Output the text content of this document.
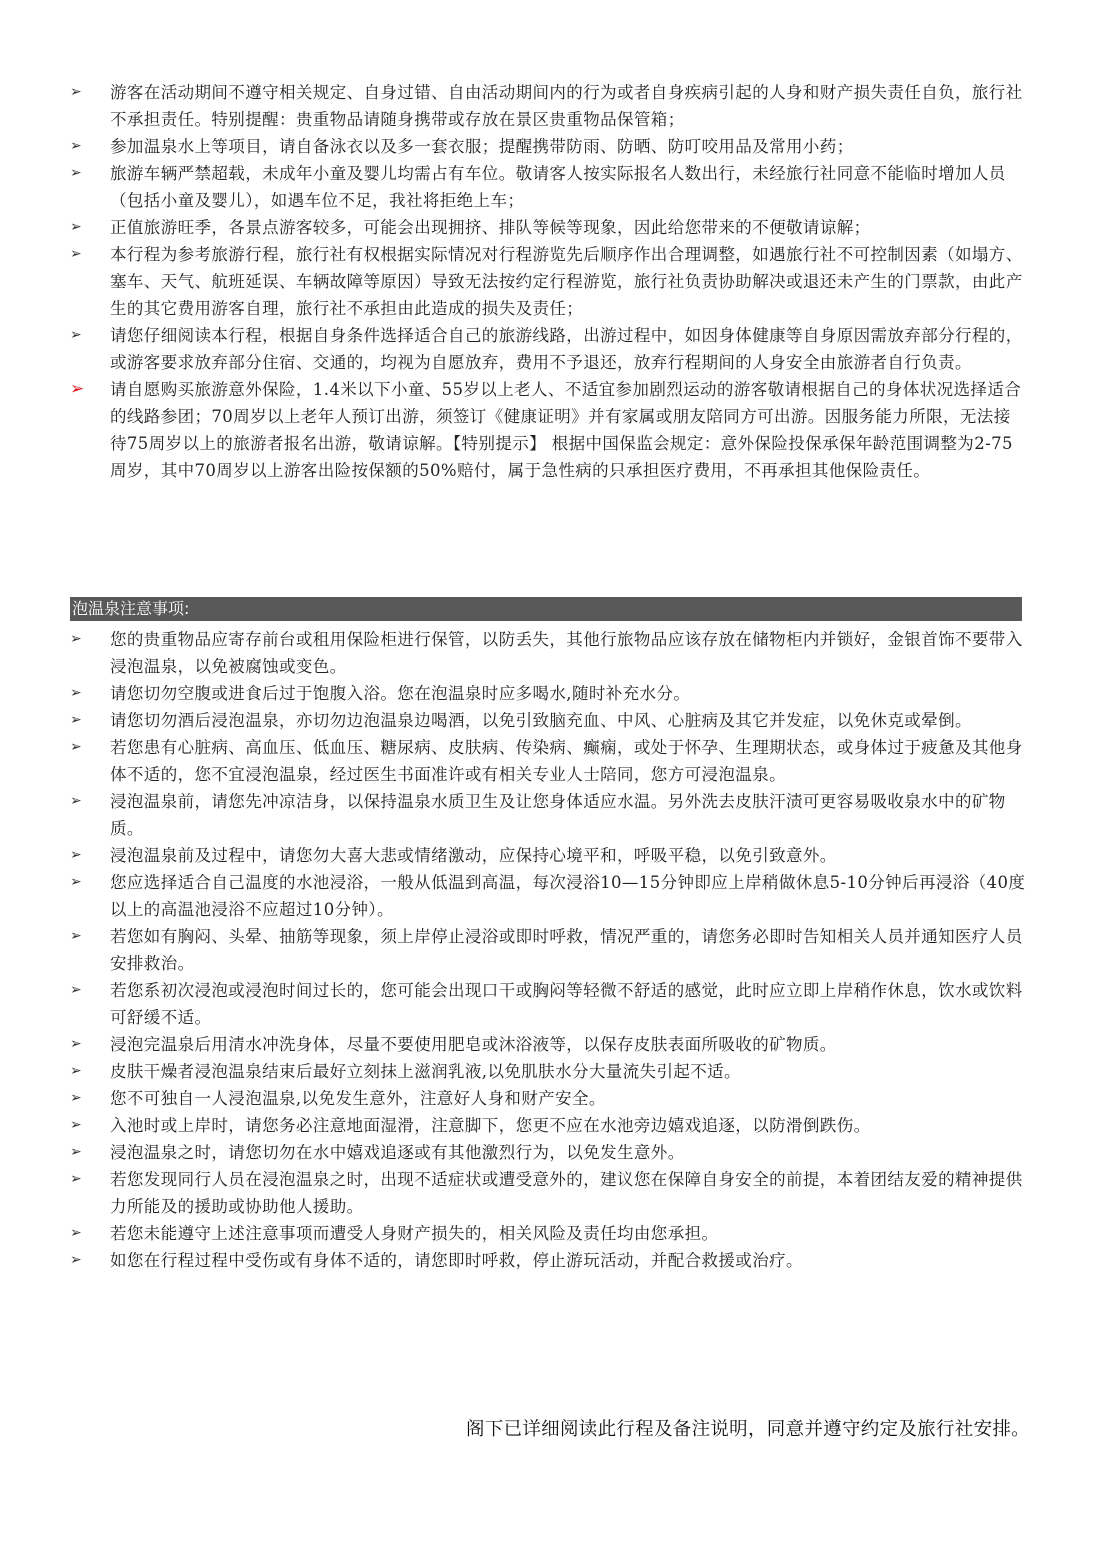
➢	游客在活动期间不遵守相关规定、自身过错、自由活动期间内的行为或者自身疾病引起的人身和财产损失责任自负，旅行社不承担责任。特别提醒：贵重物品请随身携带或存放在景区贵重物品保管箱；
➢	参加温泉水上等项目，请自备泳衣以及多一套衣服；提醒携带防雨、防晒、防叮咬用品及常用小药；
➢	旅游车辆严禁超载，未成年小童及婴儿均需占有车位。敬请客人按实际报名人数出行，未经旅行社同意不能临时增加人员（包括小童及婴儿），如遇车位不足，我社将拒绝上车；
➢	正值旅游旺季，各景点游客较多，可能会出现拥挤、排队等候等现象，因此给您带来的不便敬请谅解；
➢	本行程为参考旅游行程，旅行社有权根据实际情况对行程游览先后顺序作出合理调整，如遇旅行社不可控制因素（如塌方、塞车、天气、航班延误、车辆故障等原因）导致无法按约定行程游览，旅行社负责协助解决或退还未产生的门票款，由此产生的其它费用游客自理，旅行社不承担由此造成的损失及责任；
➢	请您仔细阅读本行程，根据自身条件选择适合自己的旅游线路，出游过程中，如因身体健康等自身原因需放弃部分行程的，或游客要求放弃部分住宿、交通的，均视为自愿放弃，费用不予退还，放弃行程期间的人身安全由旅游者自行负责。
➢	请自愿购买旅游意外保险，1.4米以下小童、55岁以上老人、不适宜参加剧烈运动的游客敬请根据自己的身体状况选择适合的线路参团；70周岁以上老年人预订出游，须签订《健康证明》并有家属或朋友陪同方可出游。因服务能力所限，无法接待75周岁以上的旅游者报名出游，敬请谅解。【特别提示】 根据中国保监会规定：意外保险投保承保年龄范围调整为2-75周岁，其中70周岁以上游客出险按保额的50%赔付，属于急性病的只承担医疗费用，不再承担其他保险责任。
泡温泉注意事项:
➢	您的贵重物品应寄存前台或租用保险柜进行保管，以防丢失，其他行旅物品应该存放在储物柜内并锁好，金银首饰不要带入浸泡温泉，以免被腐蚀或变色。
➢	请您切勿空腹或进食后过于饱腹入浴。您在泡温泉时应多喝水,随时补充水分。
➢	请您切勿酒后浸泡温泉，亦切勿边泡温泉边喝酒，以免引致脑充血、中风、心脏病及其它并发症，以免休克或晕倒。
➢	若您患有心脏病、高血压、低血压、糖尿病、皮肤病、传染病、癫痫，或处于怀孕、生理期状态，或身体过于疲惫及其他身体不适的，您不宜浸泡温泉，经过医生书面准许或有相关专业人士陪同，您方可浸泡温泉。
➢	浸泡温泉前，请您先冲凉洁身，以保持温泉水质卫生及让您身体适应水温。另外洗去皮肤汗渍可更容易吸收泉水中的矿物质。
➢	浸泡温泉前及过程中，请您勿大喜大悲或情绪激动，应保持心境平和，呼吸平稳，以免引致意外。
➢	您应选择适合自己温度的水池浸浴，一般从低温到高温，每次浸浴10—15分钟即应上岸稍做休息5-10分钟后再浸浴（40度以上的高温池浸浴不应超过10分钟）。
➢	若您如有胸闷、头晕、抽筋等现象，须上岸停止浸浴或即时呼救，情况严重的，请您务必即时告知相关人员并通知医疗人员安排救治。
➢	若您系初次浸泡或浸泡时间过长的，您可能会出现口干或胸闷等轻微不舒适的感觉，此时应立即上岸稍作休息，饮水或饮料可舒缓不适。
➢	浸泡完温泉后用清水冲洗身体，尽量不要使用肥皂或沐浴液等，以保存皮肤表面所吸收的矿物质。
➢	皮肤干燥者浸泡温泉结束后最好立刻抹上滋润乳液,以免肌肤水分大量流失引起不适。
➢	您不可独自一人浸泡温泉,以免发生意外，注意好人身和财产安全。
➢	入池时或上岸时，请您务必注意地面湿滑，注意脚下，您更不应在水池旁边嬉戏追逐，以防滑倒跌伤。
➢	浸泡温泉之时，请您切勿在水中嬉戏追逐或有其他激烈行为，以免发生意外。
➢	若您发现同行人员在浸泡温泉之时，出现不适症状或遭受意外的，建议您在保障自身安全的前提，本着团结友爱的精神提供力所能及的援助或协助他人援助。
➢	若您未能遵守上述注意事项而遭受人身财产损失的，相关风险及责任均由您承担。
➢	如您在行程过程中受伤或有身体不适的，请您即时呼救，停止游玩活动，并配合救援或治疗。
阁下已详细阅读此行程及备注说明，同意并遵守约定及旅行社安排。
